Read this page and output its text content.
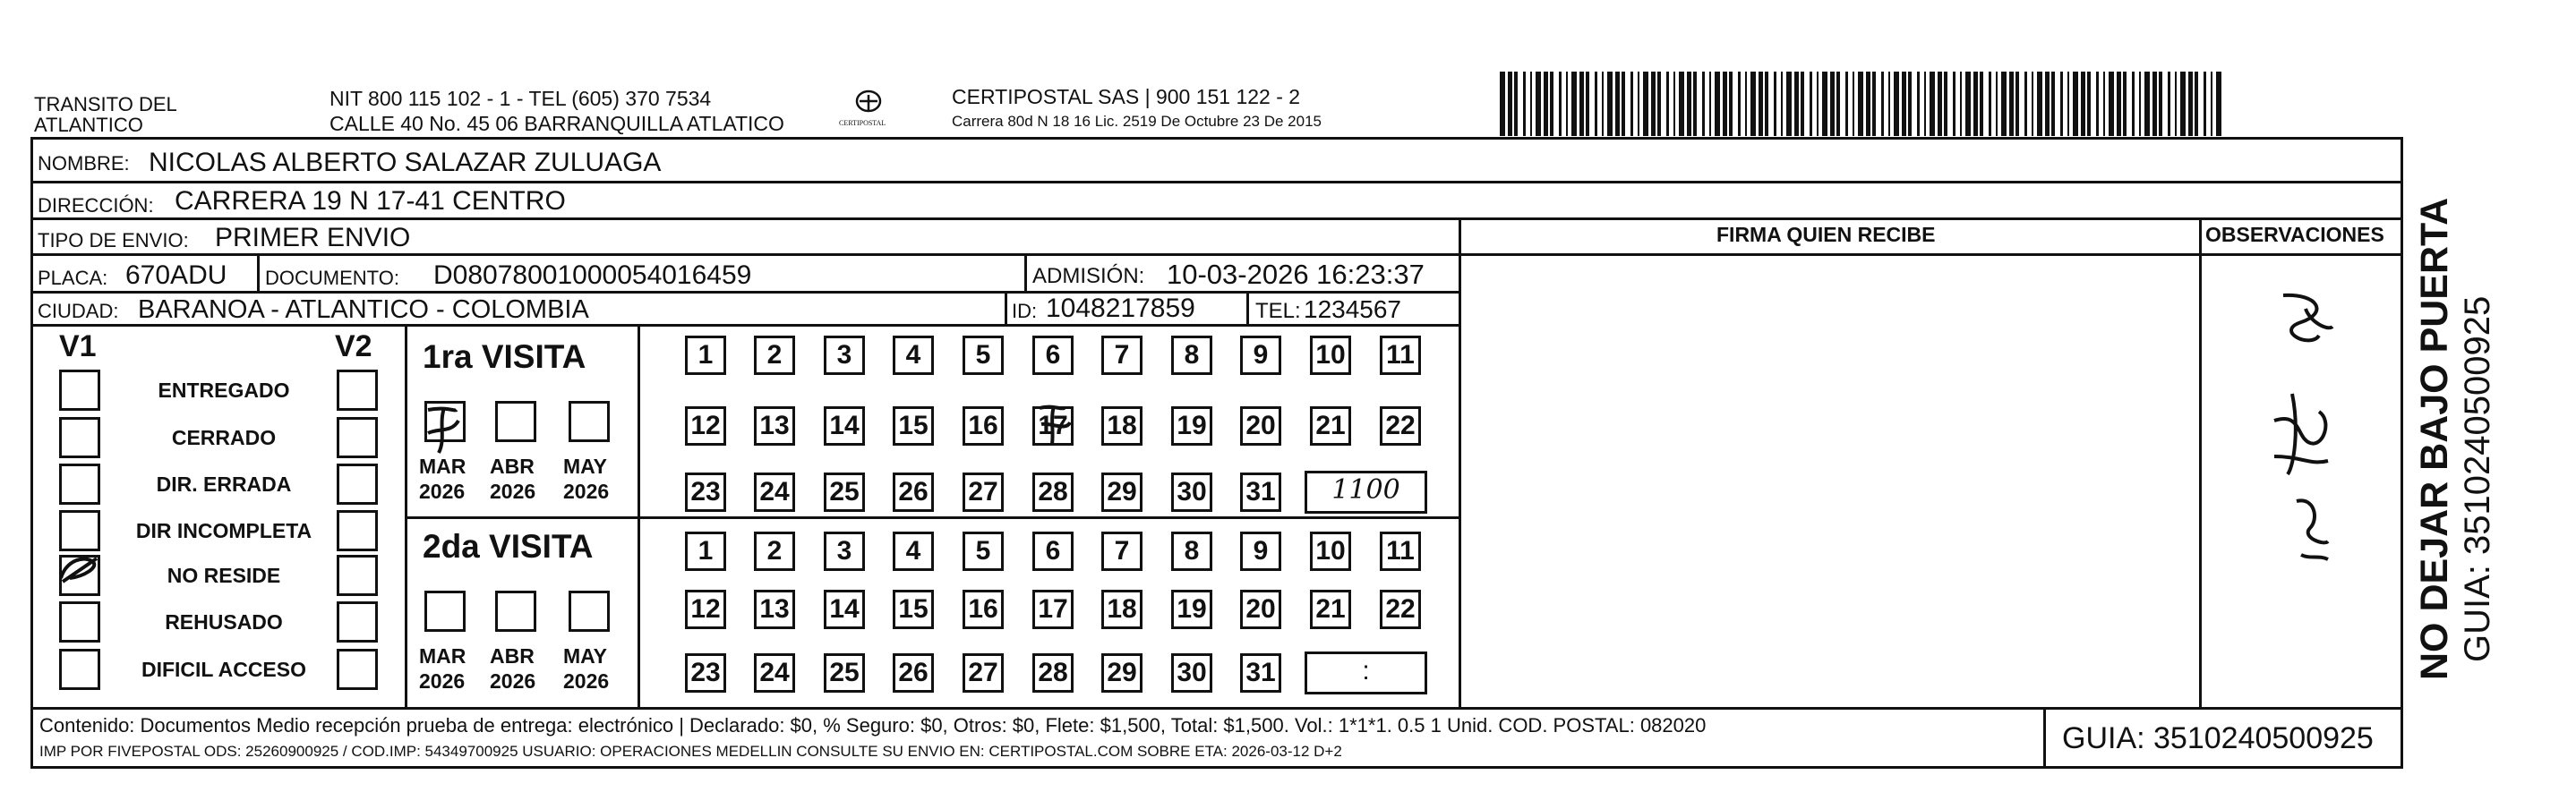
TRANSITO DEL
ATLANTICO
NIT 800 115 102 - 1 - TEL (605) 370 7534
CALLE 40 No. 45 06 BARRANQUILLA ATLATICO	CERTIPOSTAL
CERTIPOSTAL SAS | 900 151 122 - 2
Carrera 80d N 18 16 Lic. 2519 De Octubre 23 De 2015
NOMBRE: NICOLAS ALBERTO SALAZAR ZULUAGA
DIRECCIÓN: CARRERA 19 N 17-41 CENTRO
TIPO DE ENVIO: PRIMER ENVIO	FIRMA QUIEN RECIBE	OBSERVACIONES
PLACA: 670ADU DOCUMENTO: D08078001000054016459	ADMISIÓN: 10-03-2026 16:23:37
CIUDAD: BARANOA - ATLANTICO - COLOMBIA	ID: 1048217859	TEL: 1234567
V1	V2
ENTREGADO
CERRADO
DIR. ERRADA
DIR INCOMPLETA
NO RESIDE
REHUSADO
DIFICIL ACCESO
1ra VISITA
MAR
2026
ABR
2026
MAY
2026
1	2	3	4	5	6	7	8	9	10 11
12 13 14 15 16 17 18 19 20 21 22
23 24 25 26 27 28 29 30 31	1100
2da VISITA
MAR
2026
ABR
2026
MAY
2026
1	2	3	4	5	6	7	8	9	10 11
12 13 14 15 16 17 18 19 20 21 22
23 24 25 26 27 28 29 30 31	:
Contenido: Documentos Medio recepción prueba de entrega: electrónico | Declarado: $0, % Seguro: $0, Otros: $0, Flete: $1,500, Total: $1,500. Vol.: 1*1*1. 0.5 1 Unid. COD. POSTAL: 082020
IMP POR FIVEPOSTAL ODS: 25260900925 / COD.IMP: 54349700925 USUARIO: OPERACIONES MEDELLIN CONSULTE SU ENVIO EN: CERTIPOSTAL.COM SOBRE ETA: 2026-03-12 D+2	GUIA: 3510240500925
NO DEJAR BAJO PUERTA GUIA: 3510240500925
